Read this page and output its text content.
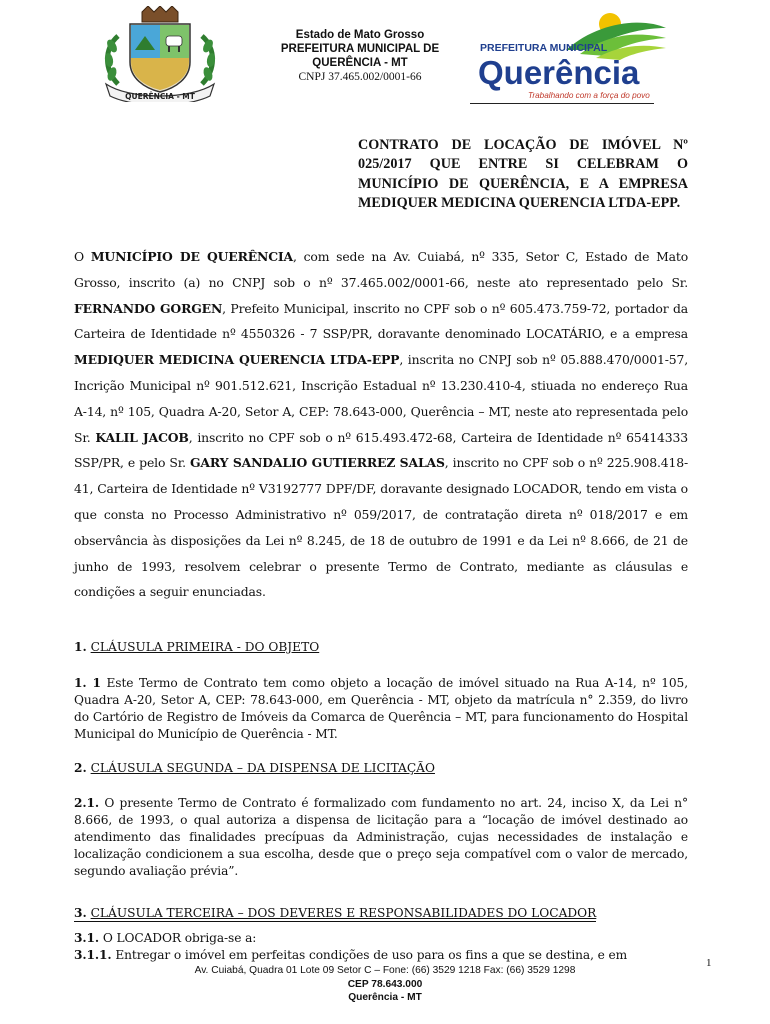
QUERÊNCIA - MT
Estado de Mato Grosso
PREFEITURA MUNICIPAL DE
QUERÊNCIA - MT
CNPJ 37.465.002/0001-66
PREFEITURA MUNICIPAL
Querência
Trabalhando com a força do povo
CONTRATO DE LOCAÇÃO DE IMÓVEL Nº 025/2017 QUE ENTRE SI CELEBRAM O MUNICÍPIO DE QUERÊNCIA, E A EMPRESA MEDIQUER MEDICINA QUERENCIA LTDA-EPP.
O MUNICÍPIO DE QUERÊNCIA, com sede na Av. Cuiabá, nº 335, Setor C, Estado de Mato Grosso, inscrito (a) no CNPJ sob o nº 37.465.002/0001-66, neste ato representado pelo Sr. FERNANDO GORGEN, Prefeito Municipal, inscrito no CPF sob o nº 605.473.759-72, portador da Carteira de Identidade nº 4550326 - 7 SSP/PR, doravante denominado LOCATÁRIO, e a empresa MEDIQUER MEDICINA QUERENCIA LTDA-EPP, inscrita no CNPJ sob nº 05.888.470/0001-57, Incrição Municipal nº 901.512.621, Inscrição Estadual nº 13.230.410-4, stiuada no endereço Rua A-14, nº 105, Quadra A-20, Setor A, CEP: 78.643-000, Querência – MT, neste ato representada pelo Sr. KALIL JACOB, inscrito no CPF sob o nº 615.493.472-68, Carteira de Identidade nº 65414333 SSP/PR, e pelo Sr. GARY SANDALIO GUTIERREZ SALAS, inscrito no CPF sob o nº 225.908.418-41, Carteira de Identidade nº V3192777 DPF/DF, doravante designado LOCADOR, tendo em vista o que consta no Processo Administrativo nº 059/2017, de contratação direta nº 018/2017 e em observância às disposições da Lei nº 8.245, de 18 de outubro de 1991 e da Lei nº 8.666, de 21 de junho de 1993, resolvem celebrar o presente Termo de Contrato, mediante as cláusulas e condições a seguir enunciadas.
1. CLÁUSULA PRIMEIRA - DO OBJETO
1. 1 Este Termo de Contrato tem como objeto a locação de imóvel situado na Rua A-14, nº 105, Quadra A-20, Setor A, CEP: 78.643-000, em Querência - MT, objeto da matrícula n° 2.359, do livro do Cartório de Registro de Imóveis da Comarca de Querência – MT, para funcionamento do Hospital Municipal do Município de Querência - MT.
2. CLÁUSULA SEGUNDA – DA DISPENSA DE LICITAÇÃO
2.1. O presente Termo de Contrato é formalizado com fundamento no art. 24, inciso X, da Lei n° 8.666, de 1993, o qual autoriza a dispensa de licitação para a “locação de imóvel destinado ao atendimento das finalidades precípuas da Administração, cujas necessidades de instalação e localização condicionem a sua escolha, desde que o preço seja compatível com o valor de mercado, segundo avaliação prévia”.
3. CLÁUSULA TERCEIRA – DOS DEVERES E RESPONSABILIDADES DO LOCADOR
3.1. O LOCADOR obriga-se a:
3.1.1. Entregar o imóvel em perfeitas condições de uso para os fins a que se destina, e em
Av. Cuiabá, Quadra 01 Lote 09 Setor C – Fone: (66) 3529 1218 Fax: (66) 3529 1298
CEP 78.643.000
Querência - MT
1
